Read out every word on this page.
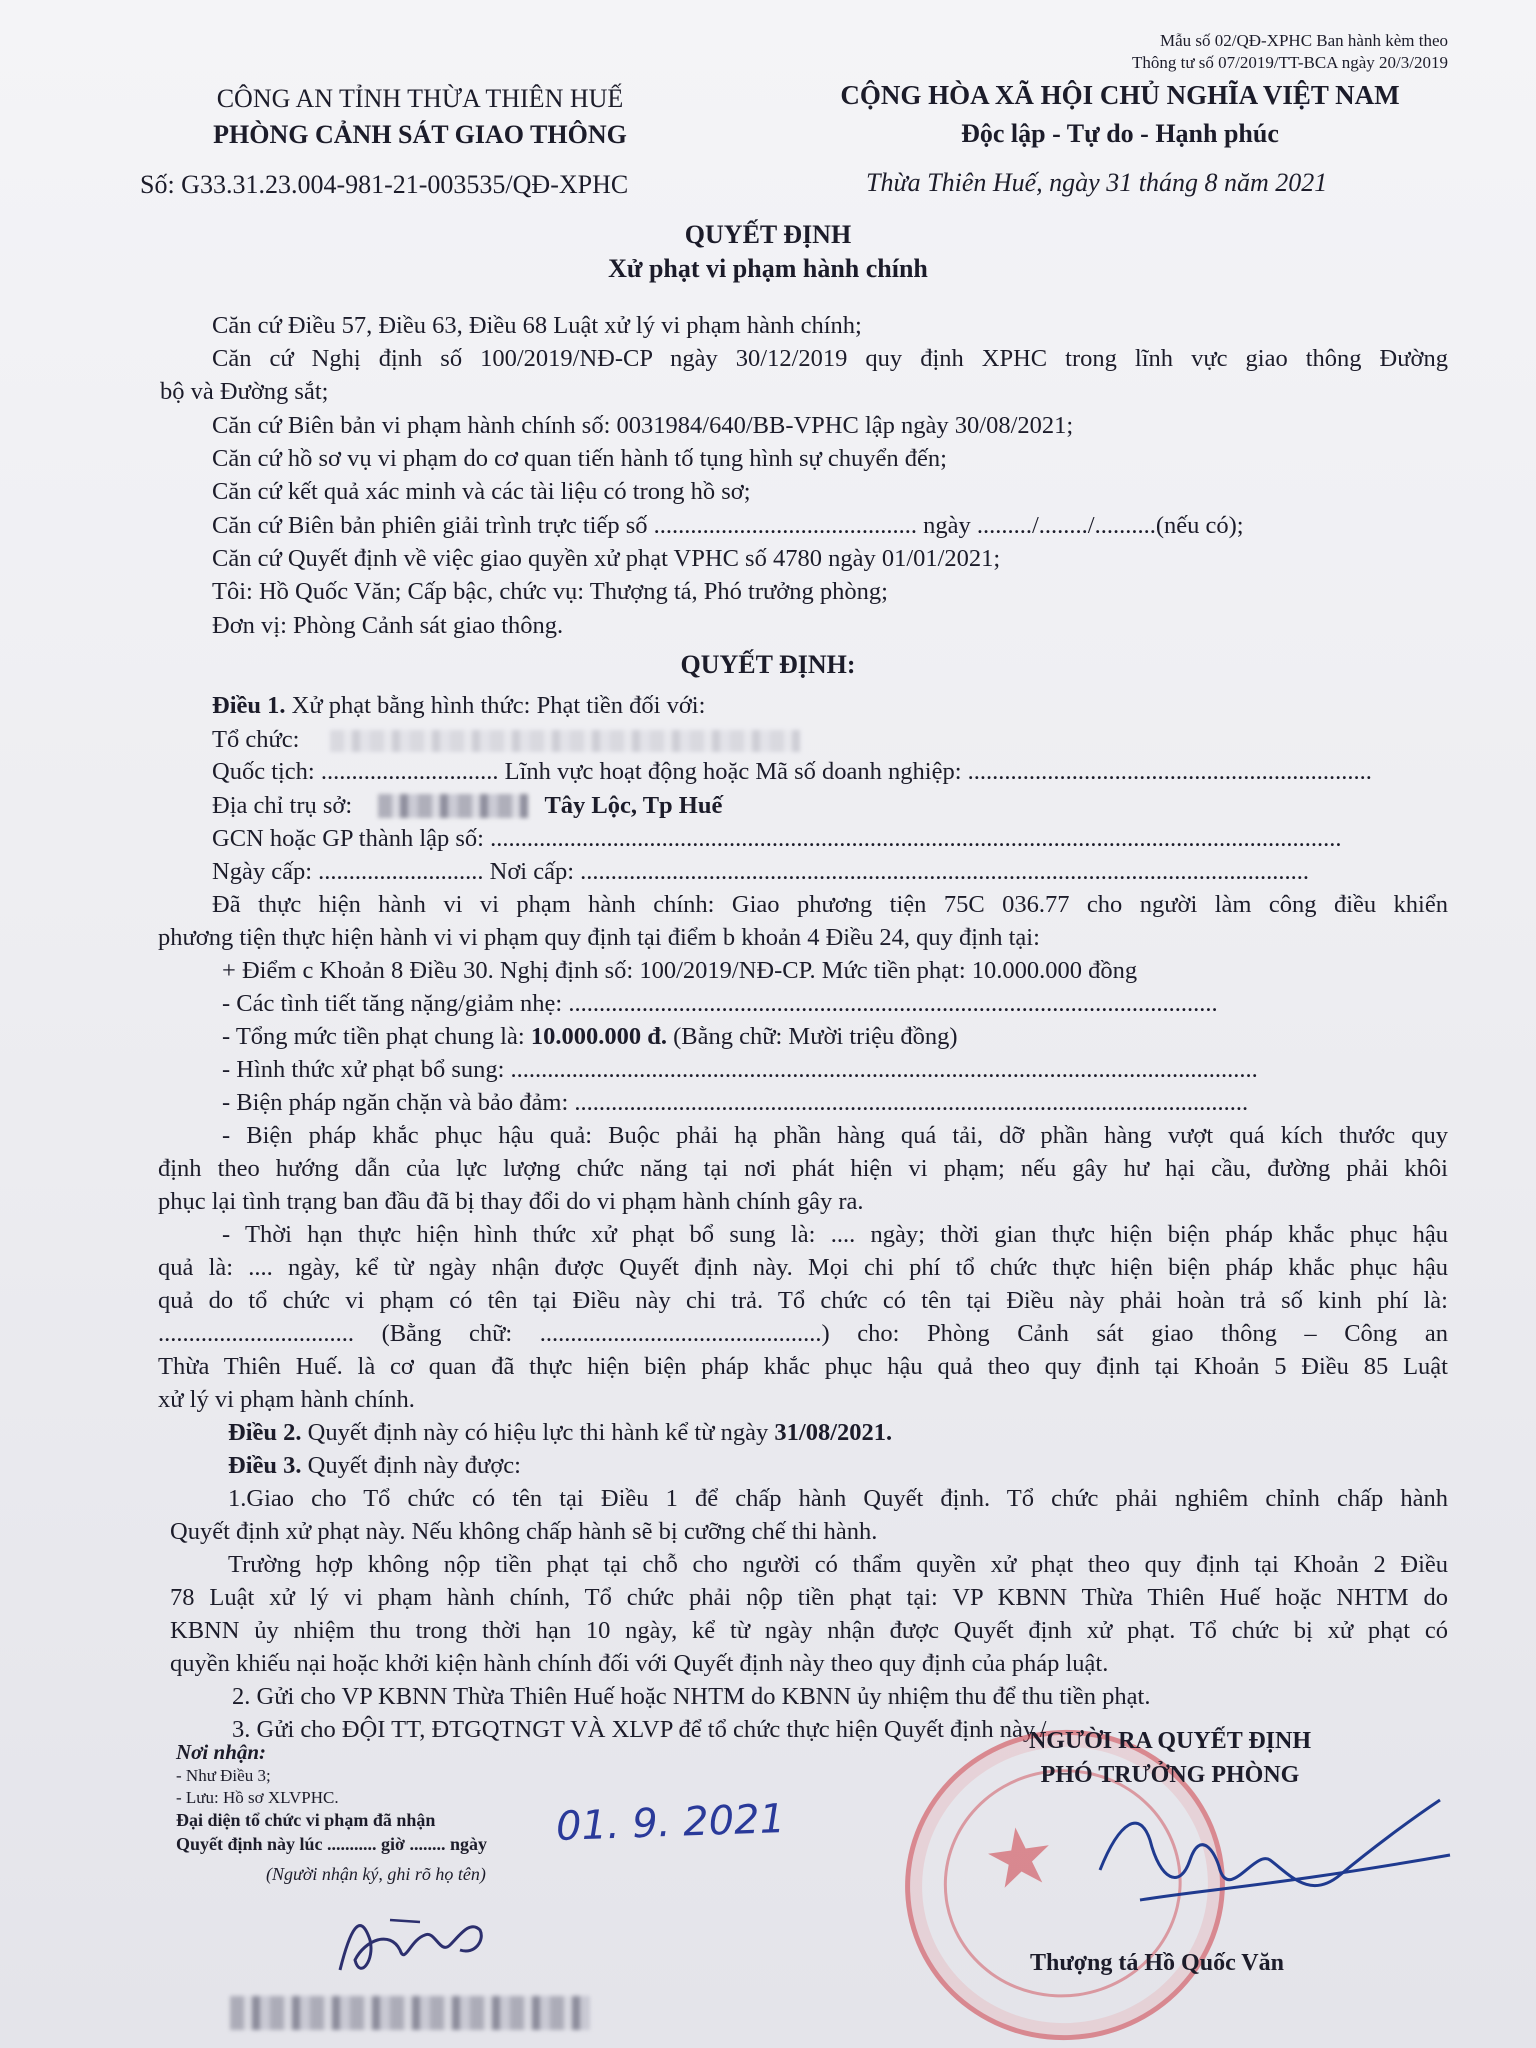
Mẫu số 02/QĐ-XPHC Ban hành kèm theo
Thông tư số 07/2019/TT-BCA ngày 20/3/2019
CÔNG AN TỈNH THỪA THIÊN HUẾ
PHÒNG CẢNH SÁT GIAO THÔNG
Số: G33.31.23.004-981-21-003535/QĐ-XPHC
CỘNG HÒA XÃ HỘI CHỦ NGHĨA VIỆT NAM
Độc lập - Tự do - Hạnh phúc
Thừa Thiên Huế, ngày 31 tháng 8 năm 2021
QUYẾT ĐỊNH
Xử phạt vi phạm hành chính
Căn cứ Điều 57, Điều 63, Điều 68 Luật xử lý vi phạm hành chính;
Căn cứ Nghị định số 100/2019/NĐ-CP ngày 30/12/2019 quy định XPHC trong lĩnh vực giao thông Đường
bộ và Đường sắt;
Căn cứ Biên bản vi phạm hành chính số: 0031984/640/BB-VPHC lập ngày 30/08/2021;
Căn cứ hồ sơ vụ vi phạm do cơ quan tiến hành tố tụng hình sự chuyển đến;
Căn cứ kết quả xác minh và các tài liệu có trong hồ sơ;
Căn cứ Biên bản phiên giải trình trực tiếp số ........................................... ngày ........./......../..........(nếu có);
Căn cứ Quyết định về việc giao quyền xử phạt VPHC số 4780 ngày 01/01/2021;
Tôi: Hồ Quốc Văn; Cấp bậc, chức vụ: Thượng tá, Phó trưởng phòng;
Đơn vị: Phòng Cảnh sát giao thông.
QUYẾT ĐỊNH:
Điều 1. Xử phạt bằng hình thức: Phạt tiền đối với:
Tổ chức:
Quốc tịch: ............................. Lĩnh vực hoạt động hoặc Mã số doanh nghiệp: ..................................................................
Địa chỉ trụ sở:	Tây Lộc, Tp Huế
GCN hoặc GP thành lập số: ...........................................................................................................................................
Ngày cấp: ........................... Nơi cấp: .......................................................................................................................
Đã thực hiện hành vi vi phạm hành chính: Giao phương tiện 75C 036.77 cho người làm công điều khiển
phương tiện thực hiện hành vi vi phạm quy định tại điểm b khoản 4 Điều 24, quy định tại:
+ Điểm c Khoản 8 Điều 30. Nghị định số: 100/2019/NĐ-CP. Mức tiền phạt: 10.000.000 đồng
- Các tình tiết tăng nặng/giảm nhẹ: ..........................................................................................................
- Tổng mức tiền phạt chung là: 10.000.000 đ. (Bằng chữ: Mười triệu đồng)
- Hình thức xử phạt bổ sung: ..........................................................................................................................
- Biện pháp ngăn chặn và bảo đảm: ..............................................................................................................
- Biện pháp khắc phục hậu quả: Buộc phải hạ phần hàng quá tải, dỡ phần hàng vượt quá kích thước quy
định theo hướng dẫn của lực lượng chức năng tại nơi phát hiện vi phạm; nếu gây hư hại cầu, đường phải khôi
phục lại tình trạng ban đầu đã bị thay đổi do vi phạm hành chính gây ra.
- Thời hạn thực hiện hình thức xử phạt bổ sung là: .... ngày; thời gian thực hiện biện pháp khắc phục hậu
quả là: .... ngày, kể từ ngày nhận được Quyết định này. Mọi chi phí tổ chức thực hiện biện pháp khắc phục hậu
quả do tổ chức vi phạm có tên tại Điều này chi trả. Tổ chức có tên tại Điều này phải hoàn trả số kinh phí là:
................................ (Bằng chữ: ..............................................) cho: Phòng Cảnh sát giao thông – Công an
Thừa Thiên Huế. là cơ quan đã thực hiện biện pháp khắc phục hậu quả theo quy định tại Khoản 5 Điều 85 Luật
xử lý vi phạm hành chính.
Điều 2. Quyết định này có hiệu lực thi hành kể từ ngày 31/08/2021.
Điều 3. Quyết định này được:
1.Giao cho Tổ chức có tên tại Điều 1 để chấp hành Quyết định. Tổ chức phải nghiêm chỉnh chấp hành
Quyết định xử phạt này. Nếu không chấp hành sẽ bị cưỡng chế thi hành.
Trường hợp không nộp tiền phạt tại chỗ cho người có thẩm quyền xử phạt theo quy định tại Khoản 2 Điều
78 Luật xử lý vi phạm hành chính, Tổ chức phải nộp tiền phạt tại: VP KBNN Thừa Thiên Huế hoặc NHTM do
KBNN ủy nhiệm thu trong thời hạn 10 ngày, kể từ ngày nhận được Quyết định xử phạt. Tổ chức bị xử phạt có
quyền khiếu nại hoặc khởi kiện hành chính đối với Quyết định này theo quy định của pháp luật.
2. Gửi cho VP KBNN Thừa Thiên Huế hoặc NHTM do KBNN ủy nhiệm thu để thu tiền phạt.
3. Gửi cho ĐỘI TT, ĐTGQTNGT VÀ XLVP để tổ chức thực hiện Quyết định này./.
Nơi nhận:
- Như Điều 3;
- Lưu: Hồ sơ XLVPHC.
Đại diện tổ chức vi phạm đã nhận
Quyết định này lúc ........... giờ ........ ngày 01. 9. 2021
(Người nhận ký, ghi rõ họ tên)	★
NGƯỜI RA QUYẾT ĐỊNH
PHÓ TRƯỞNG PHÒNG
Thượng tá Hồ Quốc Văn
